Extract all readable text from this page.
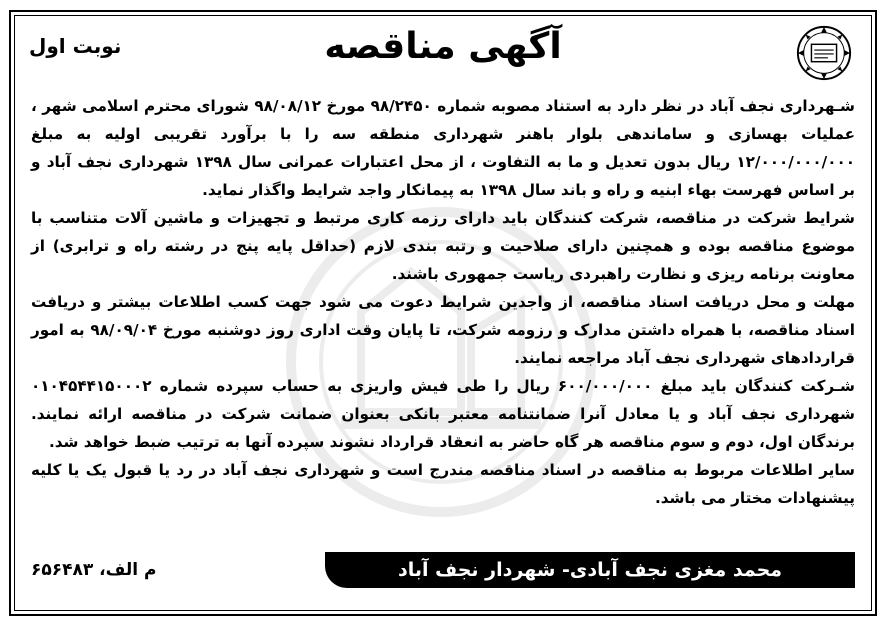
آگهی مناقصه
نوبت اول

شـهرداری نجف آباد در نظر دارد به استناد مصوبه شماره ۹۸/۲۴۵۰ مورخ ۹۸/۰۸/۱۲ شورای محترم اسلامی شهر ، عملیات بهسازی و ساماندهی بلوار باهنر شهرداری منطقه سه را با برآورد تقریبی اولیه به مبلغ ۱۲/۰۰۰/۰۰۰/۰۰۰ ریال بدون تعدیل و ما به التفاوت ، از محل اعتبارات عمرانی سال ۱۳۹۸ شهرداری نجف آباد و بر اساس فهرست بهاء ابنیه و راه و باند سال ۱۳۹۸ به پیمانکار واجد شرایط واگذار نماید.

شرایط شرکت در مناقصه، شرکت کنندگان باید دارای رزمه کاری مرتبط و تجهیزات و ماشین آلات متناسب با موضوع مناقصه بوده و همچنین دارای صلاحیت و رتبه بندی لازم (حداقل پایه پنج در رشته راه و ترابری) از معاونت برنامه ریزی و نظارت راهبردی ریاست جمهوری باشند.

مهلت و محل دریافت اسناد مناقصه، از واجدین شرایط دعوت می شود جهت کسب اطلاعات بیشتر و دریافت اسناد مناقصه، با همراه داشتن مدارک و رزومه شرکت، تا پایان وقت اداری روز دوشنبه مورخ ۹۸/۰۹/۰۴ به امور قراردادهای شهرداری نجف آباد مراجعه نمایند.

شـرکت کنندگان باید مبلغ ۶۰۰/۰۰۰/۰۰۰ ریال را طی فیش واریزی به حساب سپرده شماره ۰۱۰۴۵۴۴۱۵۰۰۰۲ شهرداری نجف آباد و یا معادل آنرا ضمانتنامه معتبر بانکی بعنوان ضمانت شرکت در مناقصه ارائه نمایند. برندگان اول، دوم و سوم مناقصه هر گاه حاضر به انعقاد قرارداد نشوند سپرده آنها به ترتیب ضبط خواهد شد.

سایر اطلاعات مربوط به مناقصه در اسناد مناقصه مندرج است و شهرداری نجف آباد در رد یا قبول یک یا کلیه پیشنهادات مختار می باشد.

محمد مغزی نجف آبادی- شهردار نجف آباد
م الف، ۶۵۶۴۸۳
